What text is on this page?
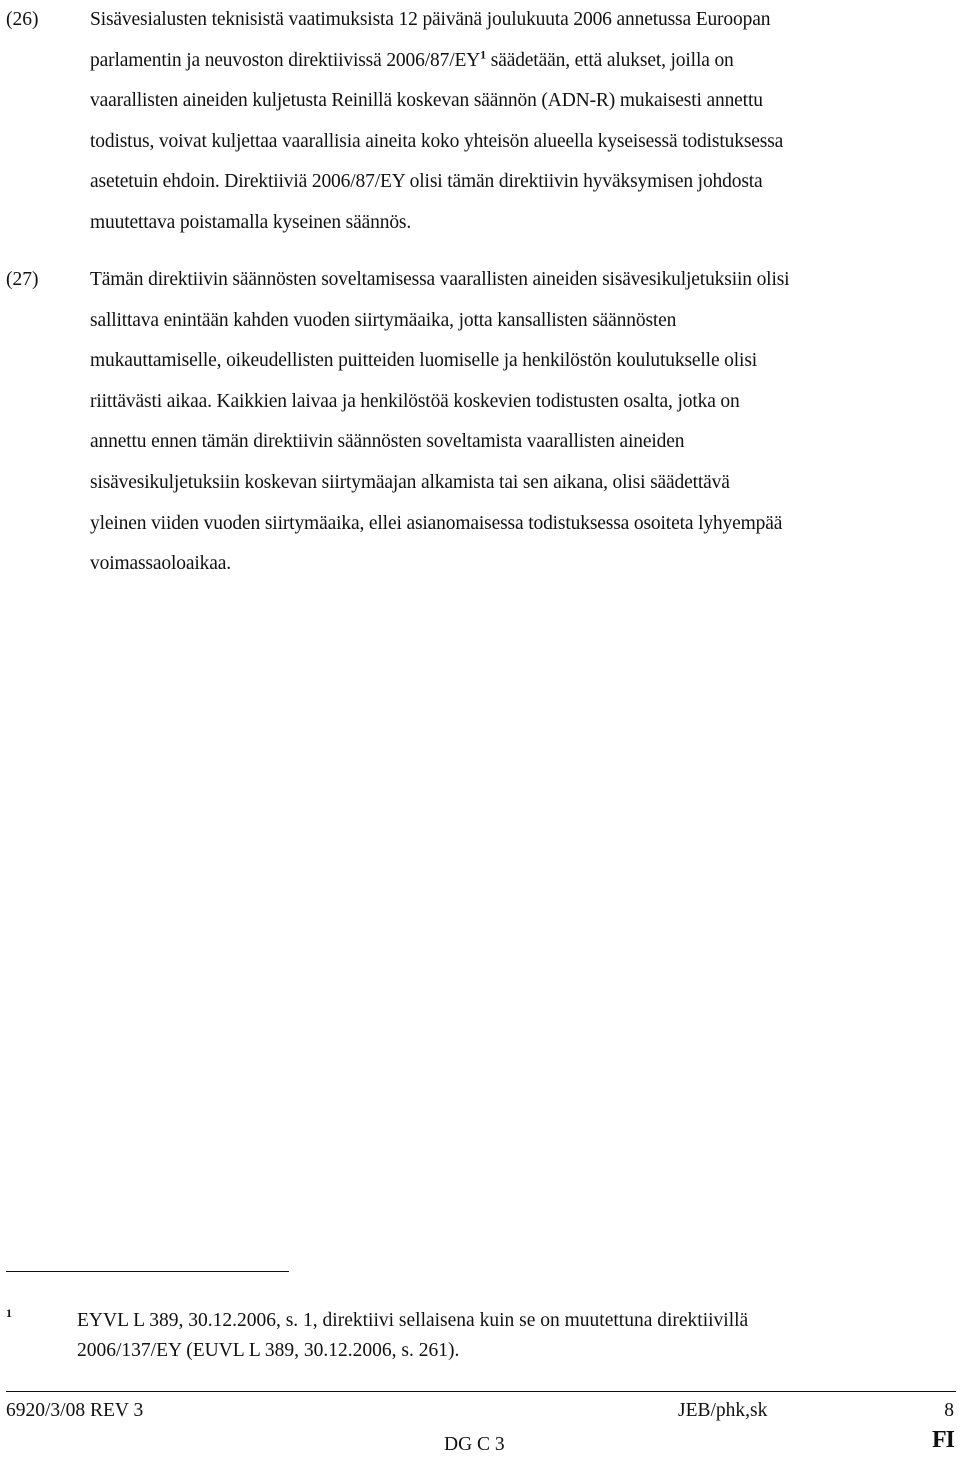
(26)	Sisävesialusten teknisistä vaatimuksista 12 päivänä joulukuuta 2006 annetussa Euroopan
parlamentin ja neuvoston direktiivissä $2006/87/EY^1$ säädetään, että alukset, joilla on
vaarallisten aineiden kuljetusta Reinillä koskevan säännön (ADN-R) mukaisesti annettu
todistus, voivat kuljettaa vaarallisia aineita koko yhteisön alueella kyseisessä todistuksessa
asetetuin ehdoin. Direktiiviä 2006/87/EY olisi tämän direktiivin hyväksymisen johdosta
muutettava poistamalla kyseinen säännös.
(27)	Tämän direktiivin säännösten soveltamisessa vaarallisten aineiden sisävesikuljetuksiin olisi
sallittava enintään kahden vuoden siirtymäaika, jotta kansallisten säännösten
mukauttamiselle, oikeudellisten puitteiden luomiselle ja henkilöstön koulutukselle olisi
riittävästi aikaa. Kaikkien laivaa ja henkilöstöä koskevien todistusten osalta, jotka on
annettu ennen tämän direktiivin säännösten soveltamista vaarallisten aineiden
sisävesikuljetuksiin koskevan siirtymäajan alkamista tai sen aikana, olisi säädettävä
yleinen viiden vuoden siirtymäaika, ellei asianomaisessa todistuksessa osoiteta lyhyempää
voimassaoloaikaa.
1	EYVL L 389, 30.12.2006, s. 1, direktiivi sellaisena kuin se on muutettuna direktiivillä
2006/137/EY (EUVL L 389, 30.12.2006, s. 261).
6920/3/08 REV 3	JEB/phk,sk	8
DG C 3	FI
